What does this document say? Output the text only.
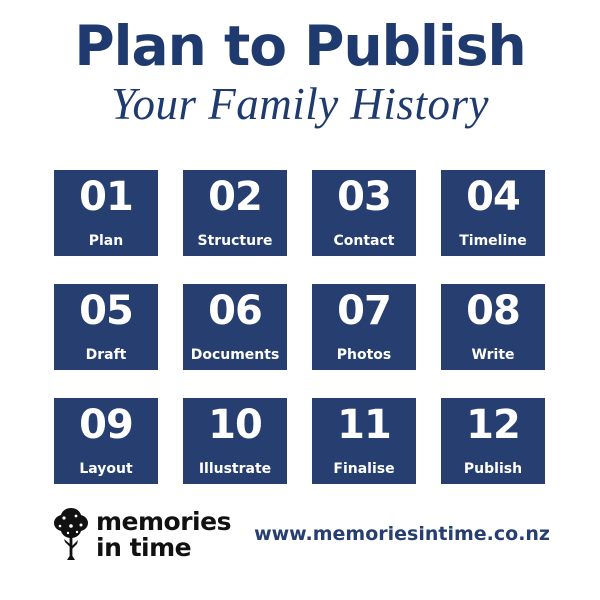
Plan to Publish
Your Family History
01
Plan
02
Structure
03
Contact
04
Timeline
05
Draft
06
Documents
07
Photos
08
Write
09
Layout
10
Illustrate
11
Finalise
12
Publish
memories
in time	www.memoriesintime.co.nz
